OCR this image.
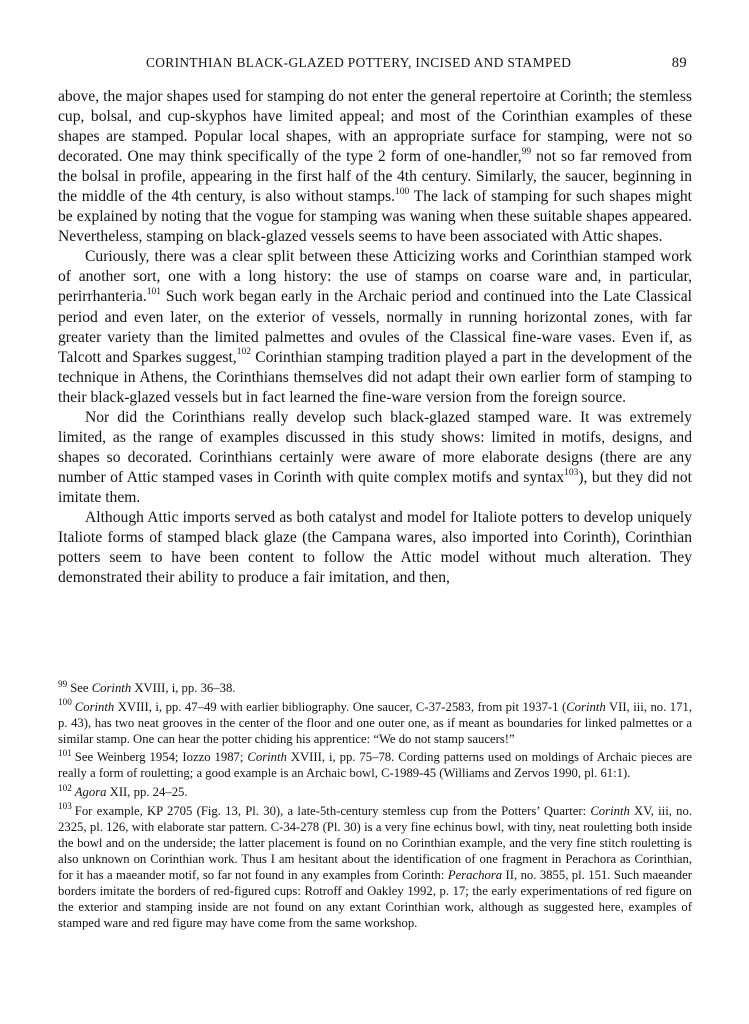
CORINTHIAN BLACK-GLAZED POTTERY, INCISED AND STAMPED	89

above, the major shapes used for stamping do not enter the general repertoire at Corinth; the stemless cup, bolsal, and cup-skyphos have limited appeal; and most of the Corinthian examples of these shapes are stamped. Popular local shapes, with an appropriate surface for stamping, were not so decorated. One may think specifically of the type 2 form of one-handler,$^{99}$ not so far removed from the bolsal in profile, appearing in the first half of the 4th century. Similarly, the saucer, beginning in the middle of the 4th century, is also without stamps.$^{100}$ The lack of stamping for such shapes might be explained by noting that the vogue for stamping was waning when these suitable shapes appeared. Nevertheless, stamping on black-glazed vessels seems to have been associated with Attic shapes.

Curiously, there was a clear split between these Atticizing works and Corinthian stamped work of another sort, one with a long history: the use of stamps on coarse ware and, in particular, perirrhanteria.$^{101}$ Such work began early in the Archaic period and continued into the Late Classical period and even later, on the exterior of vessels, normally in running horizontal zones, with far greater variety than the limited palmettes and ovules of the Classical fine-ware vases. Even if, as Talcott and Sparkes suggest,$^{102}$ Corinthian stamping tradition played a part in the development of the technique in Athens, the Corinthians themselves did not adapt their own earlier form of stamping to their black-glazed vessels but in fact learned the fine-ware version from the foreign source.

Nor did the Corinthians really develop such black-glazed stamped ware. It was extremely limited, as the range of examples discussed in this study shows: limited in motifs, designs, and shapes so decorated. Corinthians certainly were aware of more elaborate designs (there are any number of Attic stamped vases in Corinth with quite complex motifs and syntax$^{103}$), but they did not imitate them.

Although Attic imports served as both catalyst and model for Italiote potters to develop uniquely Italiote forms of stamped black glaze (the Campana wares, also imported into Corinth), Corinthian potters seem to have been content to follow the Attic model without much alteration. They demonstrated their ability to produce a fair imitation, and then,

$^{99}$ See Corinth XVIII, i, pp. 36–38.

$^{100}$ Corinth XVIII, i, pp. 47–49 with earlier bibliography. One saucer, C-37-2583, from pit 1937-1 (Corinth VII, iii, no. 171, p. 43), has two neat grooves in the center of the floor and one outer one, as if meant as boundaries for linked palmettes or a similar stamp. One can hear the potter chiding his apprentice: “We do not stamp saucers!”

$^{101}$ See Weinberg 1954; Iozzo 1987; Corinth XVIII, i, pp. 75–78. Cording patterns used on moldings of Archaic pieces are really a form of rouletting; a good example is an Archaic bowl, C-1989-45 (Williams and Zervos 1990, pl. 61:1).

$^{102}$ Agora XII, pp. 24–25.

$^{103}$ For example, KP 2705 (Fig. 13, Pl. 30), a late-5th-century stemless cup from the Potters’ Quarter: Corinth XV, iii, no. 2325, pl. 126, with elaborate star pattern. C-34-278 (Pl. 30) is a very fine echinus bowl, with tiny, neat rouletting both inside the bowl and on the underside; the latter placement is found on no Corinthian example, and the very fine stitch rouletting is also unknown on Corinthian work. Thus I am hesitant about the identification of one fragment in Perachora as Corinthian, for it has a maeander motif, so far not found in any examples from Corinth: Perachora II, no. 3855, pl. 151. Such maeander borders imitate the borders of red-figured cups: Rotroff and Oakley 1992, p. 17; the early experimentations of red figure on the exterior and stamping inside are not found on any extant Corinthian work, although as suggested here, examples of stamped ware and red figure may have come from the same workshop.
